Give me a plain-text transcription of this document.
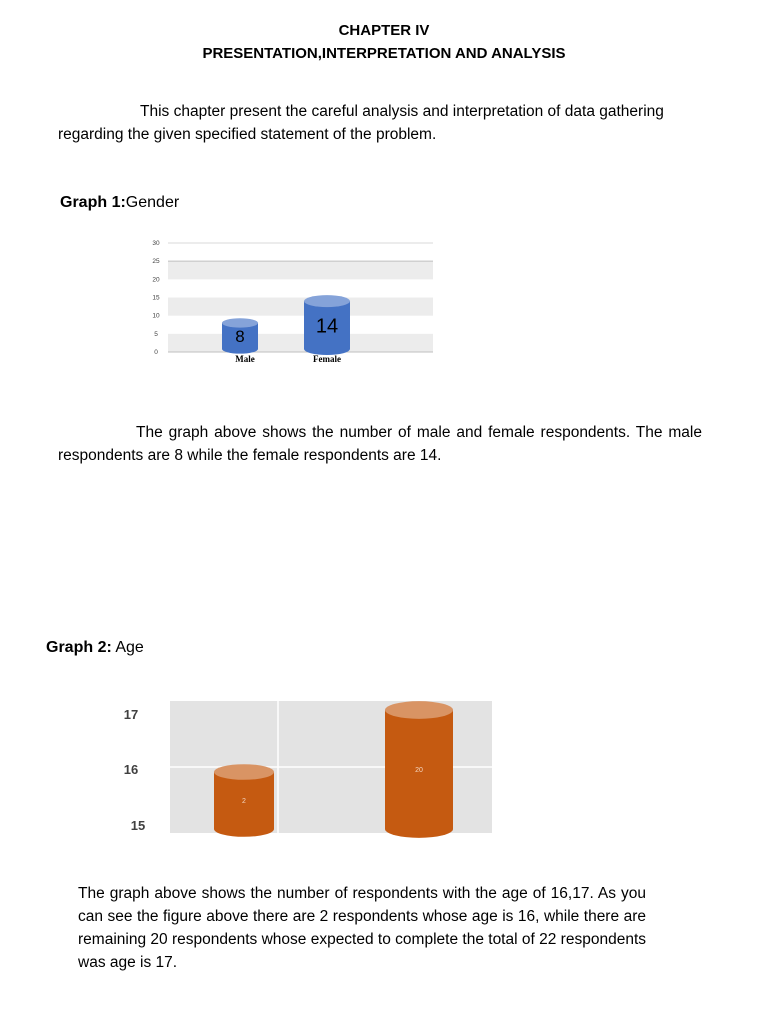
CHAPTER IV
PRESENTATION,INTERPRETATION AND ANALYSIS

This chapter present the careful analysis and interpretation of data gathering regarding the given specified statement of the problem.

Graph 1:Gender
0
5
10
15
20
25
30
8
Male
14
Female
15
16
17
2
20

The graph above shows the number of male and female respondents. The male respondents are 8 while the female respondents are 14.

Graph 2: Age

The graph above shows the number of respondents with the age of 16,17. As you can see the figure above there are 2 respondents whose age is 16, while there are remaining 20 respondents whose expected to complete the total of 22 respondents was age is 17.
